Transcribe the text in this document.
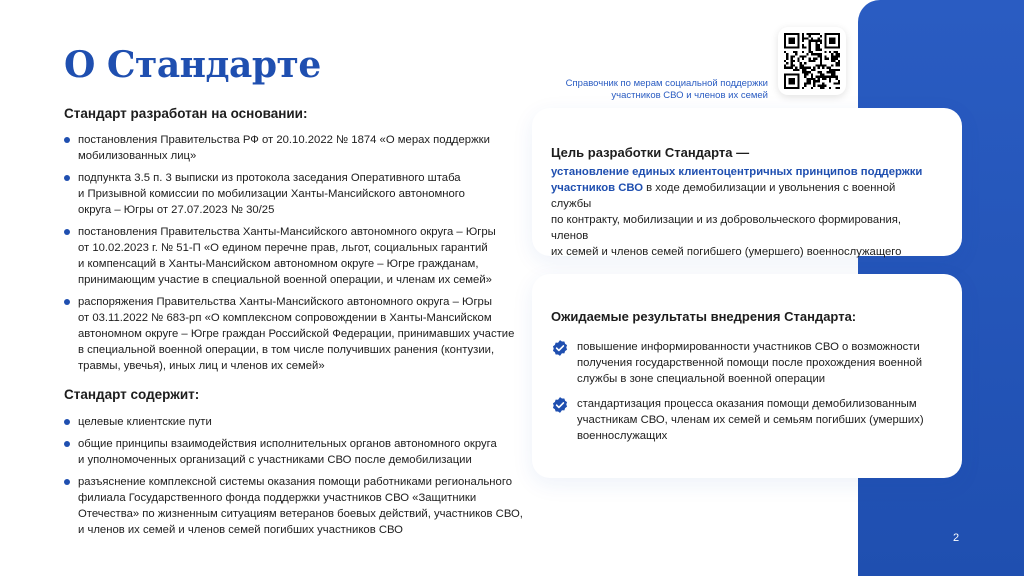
2
О Стандарте	Справочник по мерам социальной поддержки
участников СВО и членов их семей
Стандарт разработан на основании:
постановления Правительства РФ от 20.10.2022 № 1874 «О мерах поддержки
мобилизованных лиц»
подпункта 3.5 п. 3 выписки из протокола заседания Оперативного штаба
и Призывной комиссии по мобилизации Ханты-Мансийского автономного
округа – Югры от 27.07.2023 № 30/25
постановления Правительства Ханты-Мансийского автономного округа – Югры
от 10.02.2023 г. № 51-П «О едином перечне прав, льгот, социальных гарантий
и компенсаций в Ханты-Мансийском автономном округе – Югре гражданам,
принимающим участие в специальной военной операции, и членам их семей»
распоряжения Правительства Ханты-Мансийского автономного округа – Югры
от 03.11.2022 № 683-рп «О комплексном сопровождении в Ханты-Мансийском
автономном округе – Югре граждан Российской Федерации, принимавших участие
в специальной военной операции, в том числе получивших ранения (контузии,
травмы, увечья), иных лиц и членов их семей»
Стандарт содержит:
целевые клиентские пути
общие принципы взаимодействия исполнительных органов автономного округа
и уполномоченных организаций с участниками СВО после демобилизации
разъяснение комплексной системы оказания помощи работниками регионального
филиала Государственного фонда поддержки участников СВО «Защитники
Отечества» по жизненным ситуациям ветеранов боевых действий, участников СВО,
и членов их семей и членов семей погибших участников СВО
Цель разработки Стандарта —
установление единых клиентоцентричных принципов поддержки
участников СВО в ходе демобилизации и увольнения с военной службы
по контракту, мобилизации и из добровольческого формирования, членов
их семей и членов семей погибшего (умершего) военнослужащего
Ожидаемые результаты внедрения Стандарта:
повышение информированности участников СВО о возможности
получения государственной помощи после прохождения военной
службы в зоне специальной военной операции
стандартизация процесса оказания помощи демобилизованным
участникам СВО, членам их семей и семьям погибших (умерших)
военнослужащих
